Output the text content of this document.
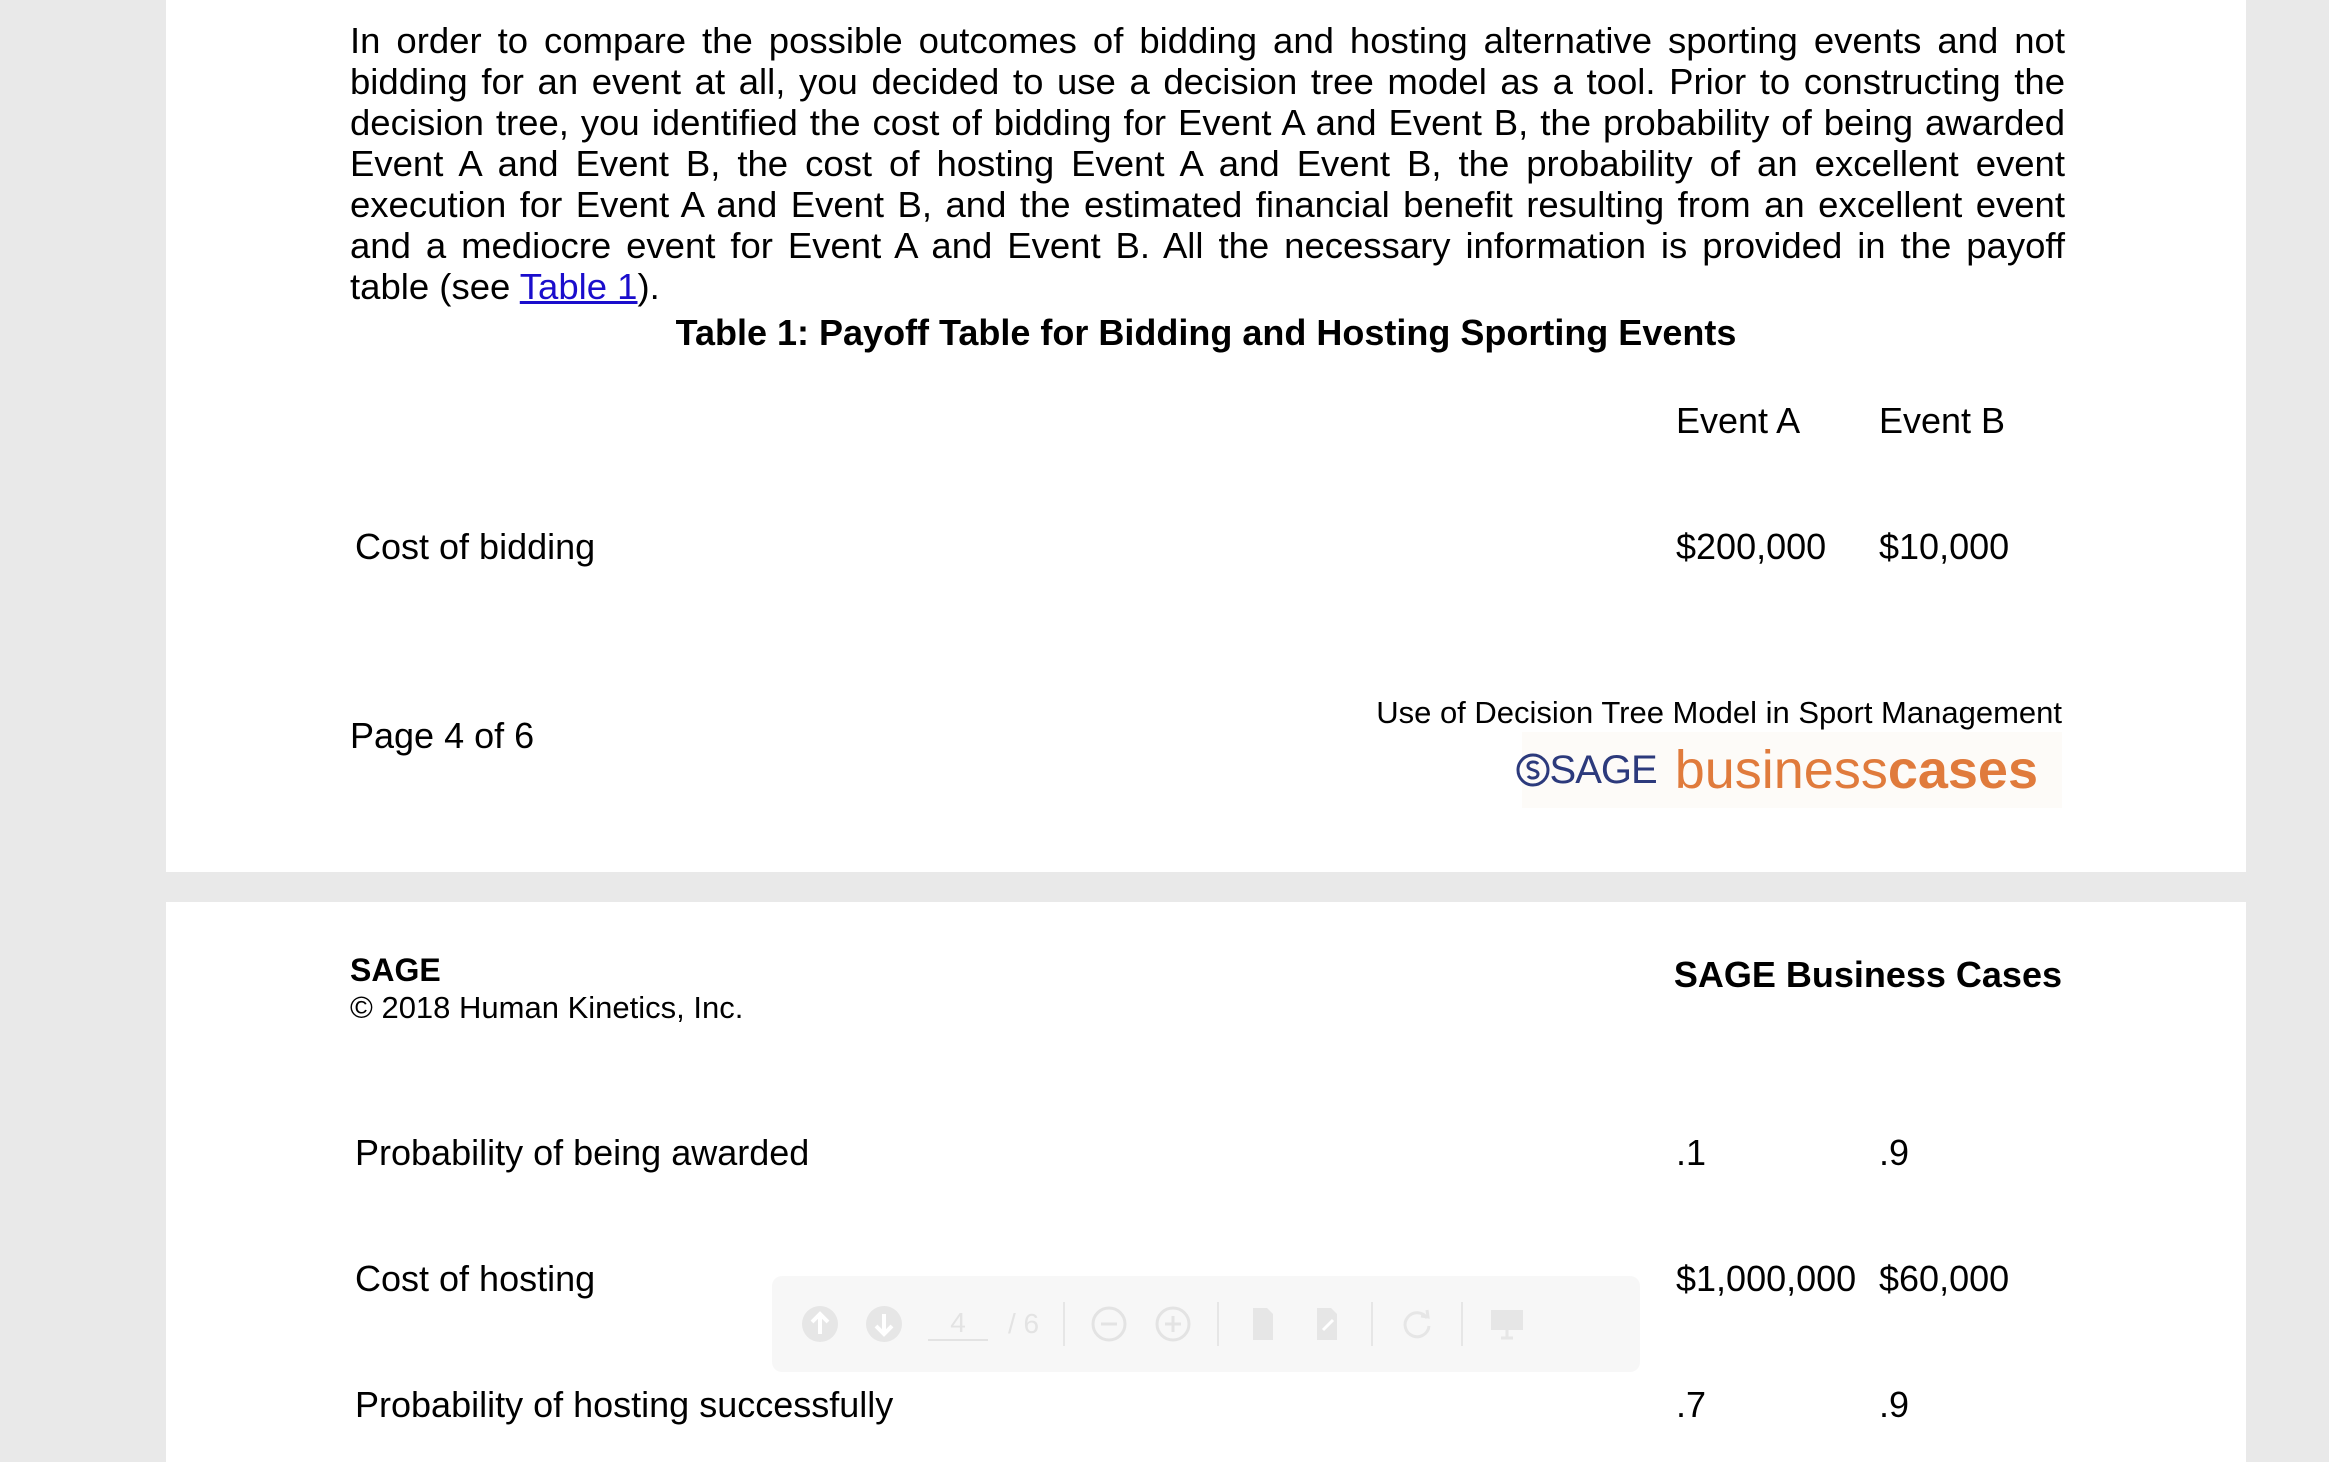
In order to compare the possible outcomes of bidding and hosting alternative sporting events and not bidding for an event at all, you decided to use a decision tree model as a tool. Prior to constructing the decision tree, you identified the cost of bidding for Event A and Event B, the probability of being awarded Event A and Event B, the cost of hosting Event A and Event B, the probability of an excellent event execution for Event A and Event B, and the estimated financial benefit resulting from an excellent event and a mediocre event for Event A and Event B. All the necessary information is provided in the payoff table (see Table 1).

Table 1: Payoff Table for Bidding and Hosting Sporting Events
Event A Event B
Cost of bidding	$200,000 $10,000
Page 4 of 6
Use of Decision Tree Model in Sport Management
SAGE business cases
SAGE
© 2018 Human Kinetics, Inc.
SAGE Business Cases
Probability of being awarded	.1	.9
Cost of hosting	$1,000,000 $60,000
Probability of hosting successfully	.7	.9
4	/ 6
